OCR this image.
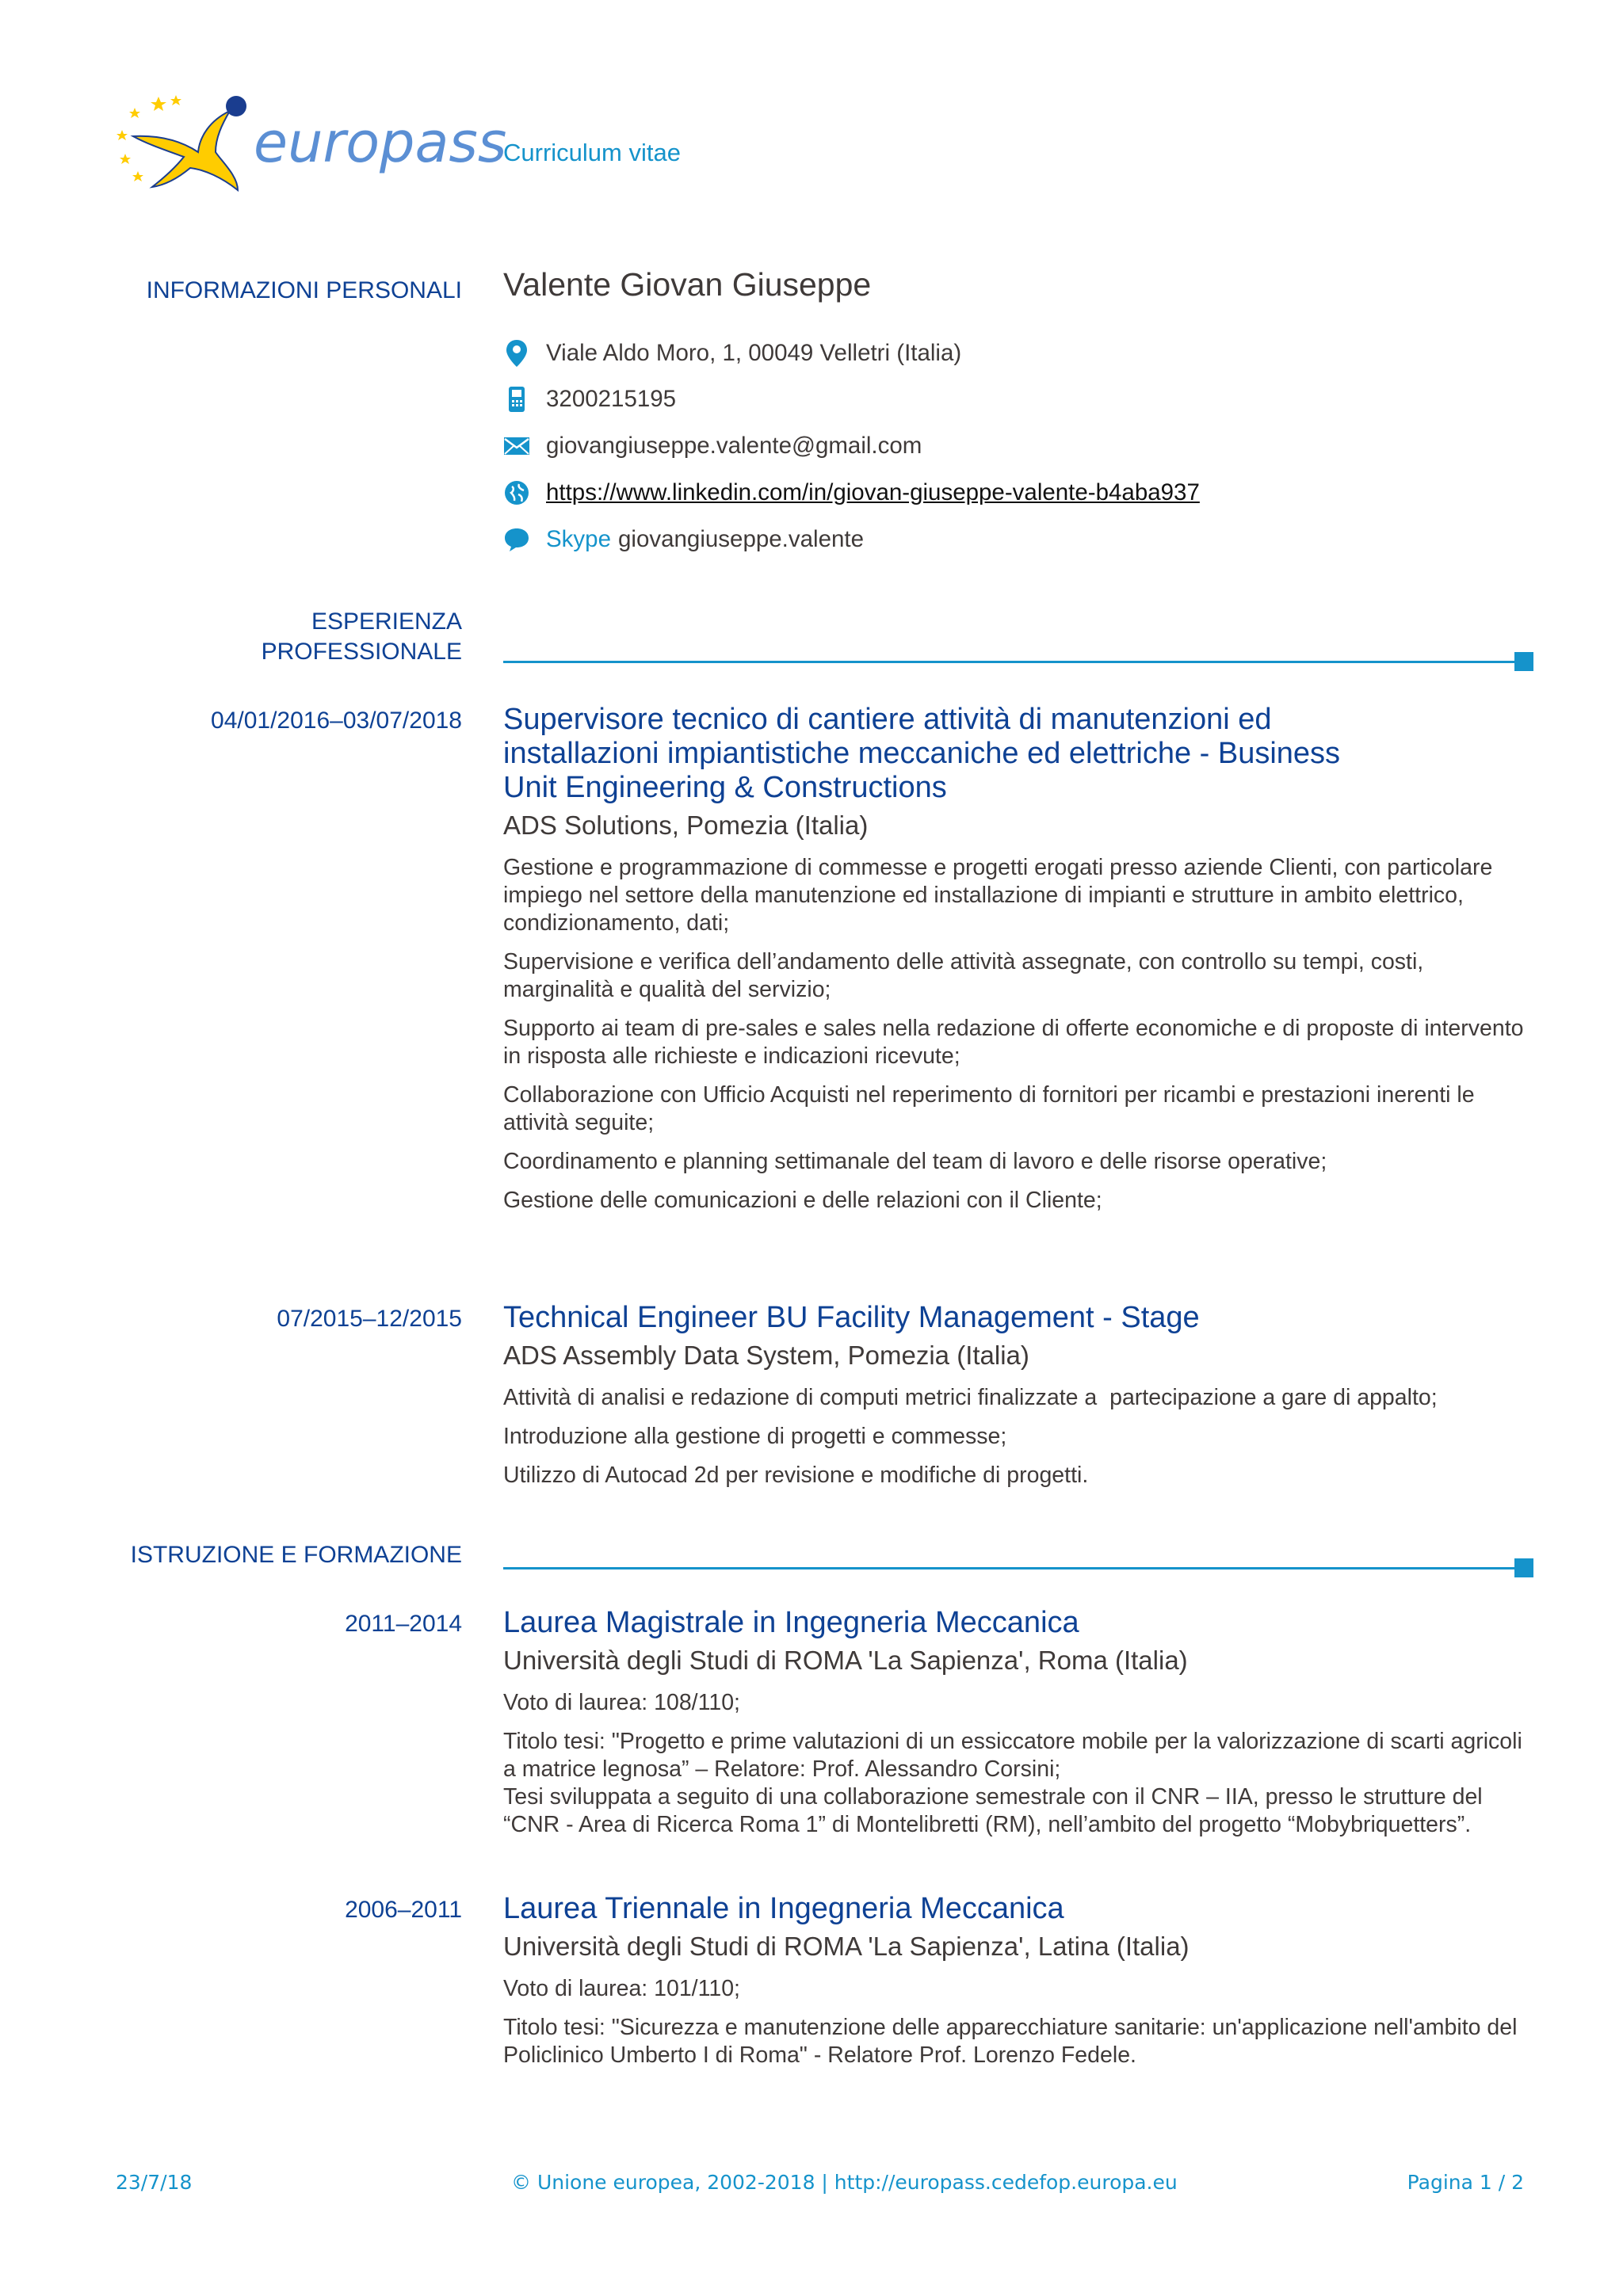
europass
Curriculum vitae
INFORMAZIONI PERSONALI Valente Giovan Giuseppe
Viale Aldo Moro, 1, 00049 Velletri (Italia)
3200215195
giovangiuseppe.valente@gmail.com
https://www.linkedin.com/in/giovan-giuseppe-valente-b4aba937
Skype giovangiuseppe.valente
ESPERIENZA
PROFESSIONALE
04/01/2016–03/07/2018 Supervisore tecnico di cantiere attività di manutenzioni ed installazioni impiantistiche meccaniche ed elettriche - Business Unit Engineering & Constructions
ADS Solutions, Pomezia (Italia)
Gestione e programmazione di commesse e progetti erogati presso aziende Clienti, con particolare impiego nel settore della manutenzione ed installazione di impianti e strutture in ambito elettrico, condizionamento, dati;
Supervisione e verifica dell’andamento delle attività assegnate, con controllo su tempi, costi, marginalità e qualità del servizio;
Supporto ai team di pre-sales e sales nella redazione di offerte economiche e di proposte di intervento in risposta alle richieste e indicazioni ricevute;
Collaborazione con Ufficio Acquisti nel reperimento di fornitori per ricambi e prestazioni inerenti le attività seguite;
Coordinamento e planning settimanale del team di lavoro e delle risorse operative;
Gestione delle comunicazioni e delle relazioni con il Cliente;
07/2015–12/2015 Technical Engineer BU Facility Management - Stage
ADS Assembly Data System, Pomezia (Italia)
Attività di analisi e redazione di computi metrici finalizzate a  partecipazione a gare di appalto;
Introduzione alla gestione di progetti e commesse;
Utilizzo di Autocad 2d per revisione e modifiche di progetti.
ISTRUZIONE E FORMAZIONE
2011–2014 Laurea Magistrale in Ingegneria Meccanica
Università degli Studi di ROMA 'La Sapienza', Roma (Italia)
Voto di laurea: 108/110;
Titolo tesi: "Progetto e prime valutazioni di un essiccatore mobile per la valorizzazione di scarti agricoli a matrice legnosa” – Relatore: Prof. Alessandro Corsini;
Tesi sviluppata a seguito di una collaborazione semestrale con il CNR – IIA, presso le strutture del “CNR - Area di Ricerca Roma 1” di Montelibretti (RM), nell’ambito del progetto “Mobybriquetters”.
2006–2011 Laurea Triennale in Ingegneria Meccanica
Università degli Studi di ROMA 'La Sapienza', Latina (Italia)
Voto di laurea: 101/110;
Titolo tesi: "Sicurezza e manutenzione delle apparecchiature sanitarie: un'applicazione nell'ambito del Policlinico Umberto I di Roma" - Relatore Prof. Lorenzo Fedele.
23/7/18	© Unione europea, 2002-2018 | http://europass.cedefop.europa.eu	Pagina 1 / 2
